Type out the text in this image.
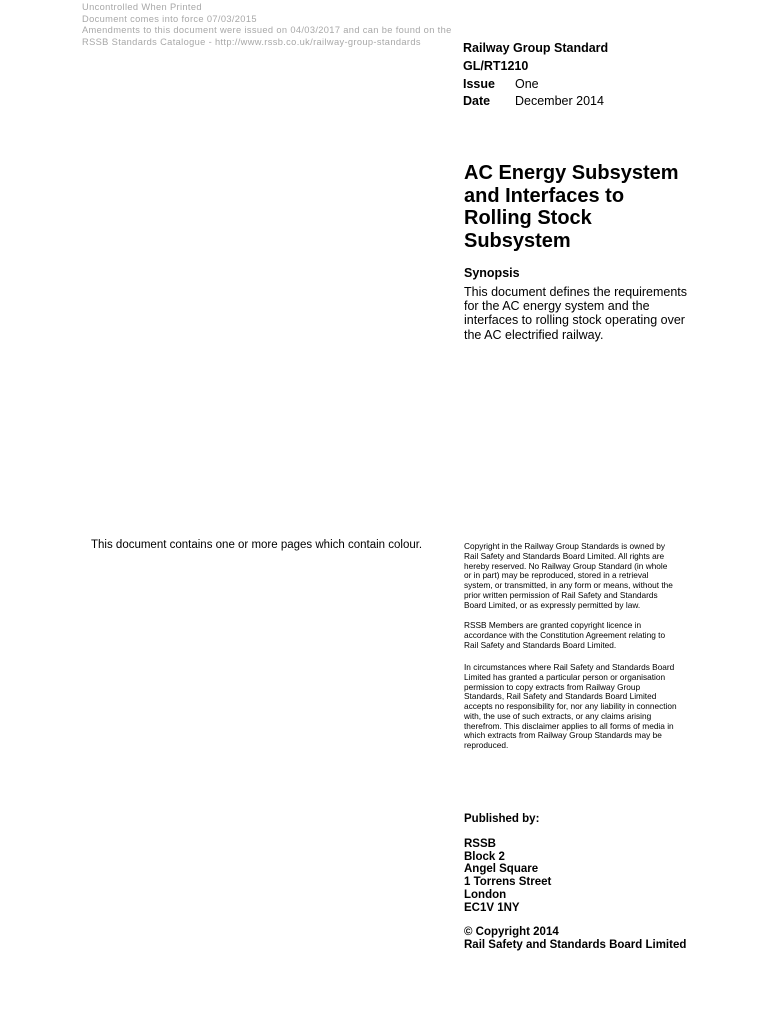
Uncontrolled When Printed
Document comes into force 07/03/2015
Amendments to this document were issued on 04/03/2017 and can be found on the
RSSB Standards Catalogue - http://www.rssb.co.uk/railway-group-standards	Railway Group Standard
GL/RT1210
Issue One
Date December 2014
AC Energy Subsystem
and Interfaces to
Rolling Stock
Subsystem
Synopsis
This document defines the requirements
for the AC energy system and the
interfaces to rolling stock operating over
the AC electrified railway.
This document contains one or more pages which contain colour.	Copyright in the Railway Group Standards is owned by
Rail Safety and Standards Board Limited. All rights are
hereby reserved. No Railway Group Standard (in whole
or in part) may be reproduced, stored in a retrieval
system, or transmitted, in any form or means, without the
prior written permission of Rail Safety and Standards
Board Limited, or as expressly permitted by law.
RSSB Members are granted copyright licence in
accordance with the Constitution Agreement relating to
Rail Safety and Standards Board Limited.
In circumstances where Rail Safety and Standards Board
Limited has granted a particular person or organisation
permission to copy extracts from Railway Group
Standards, Rail Safety and Standards Board Limited
accepts no responsibility for, nor any liability in connection
with, the use of such extracts, or any claims arising
therefrom. This disclaimer applies to all forms of media in
which extracts from Railway Group Standards may be
reproduced.
Published by:
RSSB
Block 2
Angel Square
1 Torrens Street
London
EC1V 1NY
© Copyright 2014
Rail Safety and Standards Board Limited
